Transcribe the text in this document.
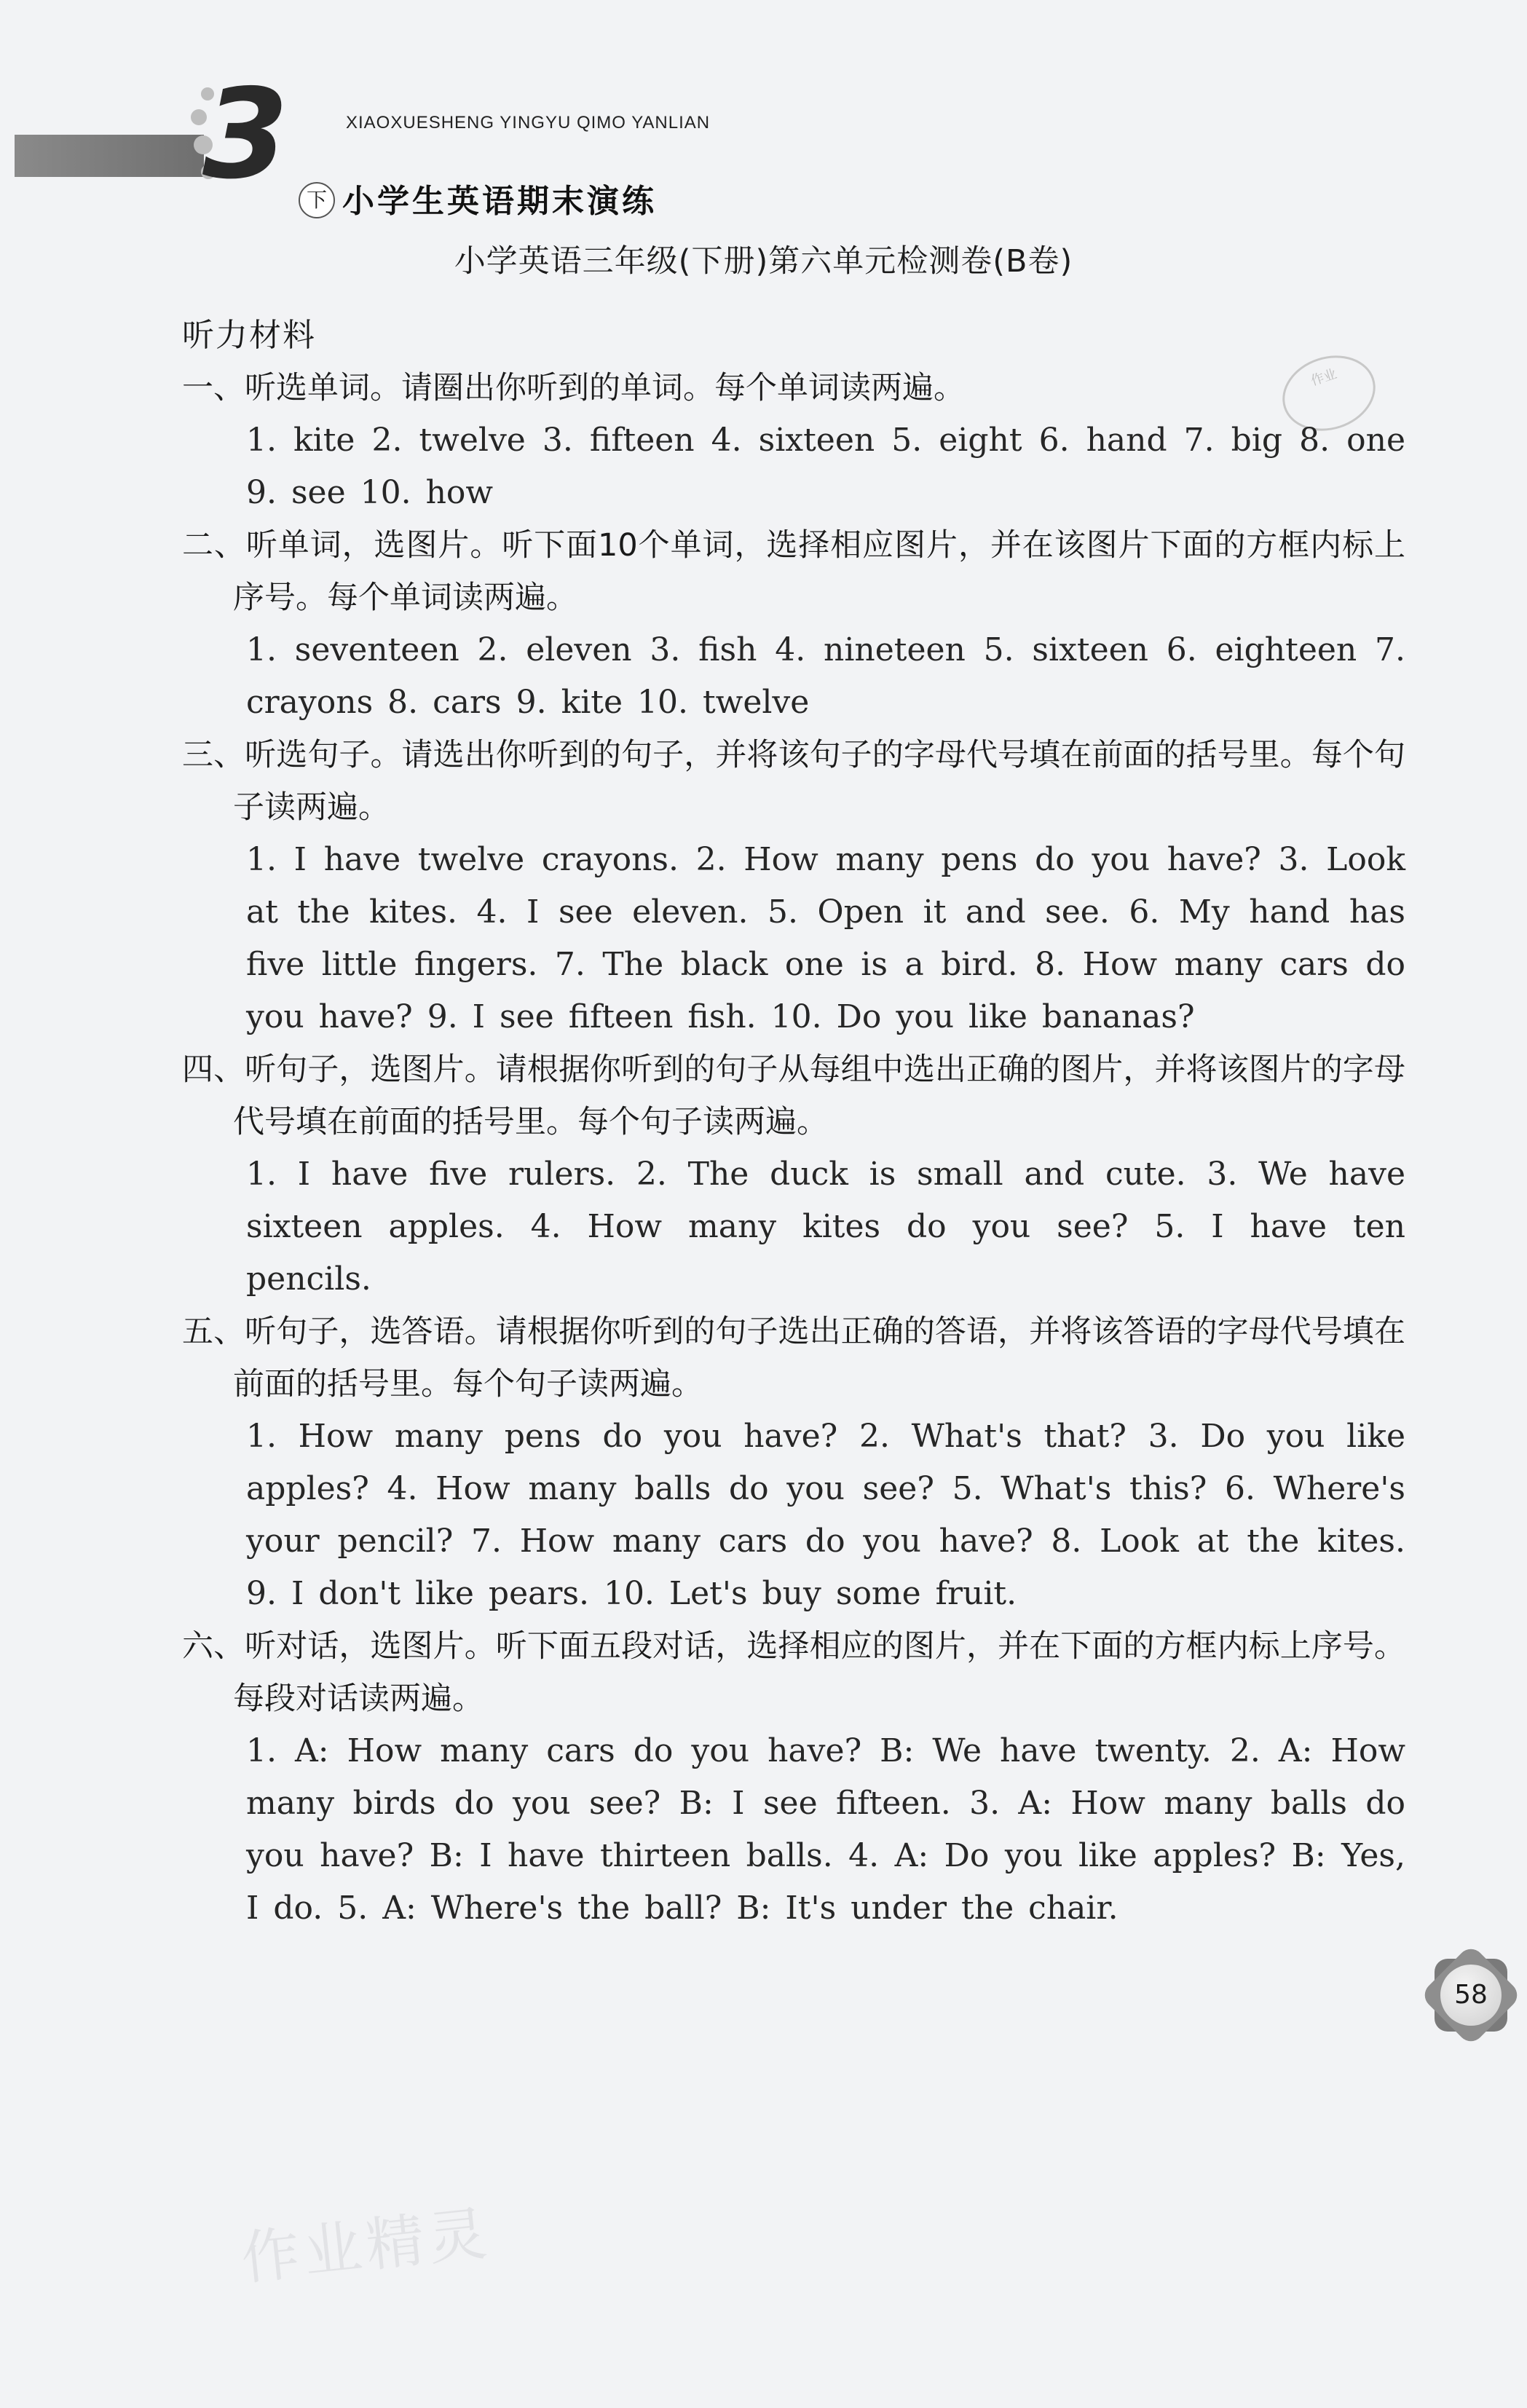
3 下
XIAOXUESHENG YINGYU QIMO YANLIAN
小学生英语期末演练
小学英语三年级(下册)第六单元检测卷(B卷)
作业

听力材料

一、听选单词。请圈出你听到的单词。每个单词读两遍。

1. kite 2. twelve 3. fifteen 4. sixteen 5. eight 6. hand 7. big 8. one 9. see 10. how

二、听单词，选图片。听下面10个单词，选择相应图片，并在该图片下面的方框内标上序号。每个单词读两遍。

1. seventeen 2. eleven 3. fish 4. nineteen 5. sixteen 6. eighteen 7. crayons 8. cars 9. kite 10. twelve

三、听选句子。请选出你听到的句子，并将该句子的字母代号填在前面的括号里。每个句子读两遍。

1. I have twelve crayons. 2. How many pens do you have? 3. Look at the kites. 4. I see eleven. 5. Open it and see. 6. My hand has five little fingers. 7. The black one is a bird. 8. How many cars do you have? 9. I see fifteen fish. 10. Do you like bananas?

四、听句子，选图片。请根据你听到的句子从每组中选出正确的图片，并将该图片的字母代号填在前面的括号里。每个句子读两遍。

1. I have five rulers. 2. The duck is small and cute. 3. We have sixteen apples. 4. How many kites do you see? 5. I have ten pencils.

五、听句子，选答语。请根据你听到的句子选出正确的答语，并将该答语的字母代号填在前面的括号里。每个句子读两遍。

1. How many pens do you have? 2. What's that? 3. Do you like apples? 4. How many balls do you see? 5. What's this? 6. Where's your pencil? 7. How many cars do you have? 8. Look at the kites. 9. I don't like pears. 10. Let's buy some fruit.

六、听对话，选图片。听下面五段对话，选择相应的图片，并在下面的方框内标上序号。每段对话读两遍。

1. A: How many cars do you have? B: We have twenty. 2. A: How many birds do you see? B: I see fifteen. 3. A: How many balls do you have? B: I have thirteen balls. 4. A: Do you like apples? B: Yes, I do. 5. A: Where's the ball? B: It's under the chair.

58
作业精灵
